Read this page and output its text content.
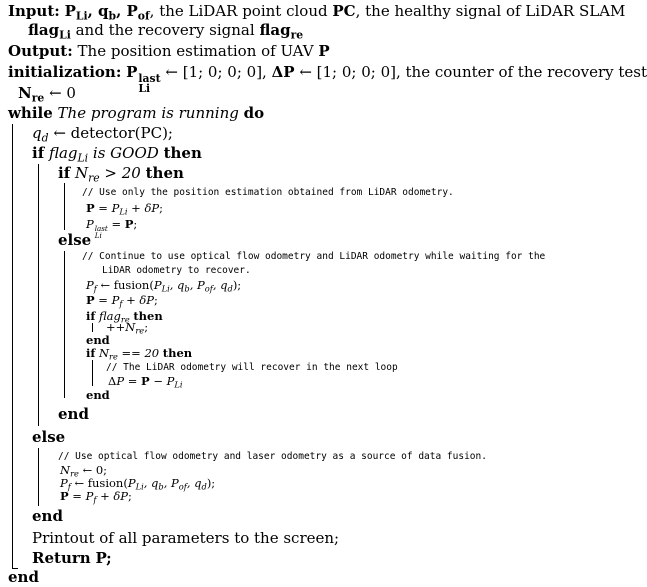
Input: $P_{Li}$, $q_b$, $P_{of}$, the LiDAR point cloud PC, the healthy signal of LiDAR SLAM
flag$_{Li}$ and the recovery signal flag$_{re}$
Output: The position estimation of UAV P
initialization: P last
Li
← [1; 0; 0; 0], ΔP ← [1; 0; 0; 0], the counter of the recovery test
$N_{re}$ ← 0
while The program is running do
$q_d$ ← detector(PC);
if flag$_{Li}$ is GOOD then
if $N_{re} > 20$ then
// Use only the position estimation obtained from LiDAR odometry.
$P = P_{Li} + \delta P$;
P last
Li
= P;
else
// Continue to use optical flow odometry and LiDAR odometry while waiting for the
LiDAR odometry to recover.
$P_f$ ← $fusion(P_{Li}$, $q_b$, $P_{of}$, $q_d$);
$P = P_f + \delta P$;
if flag$_{re}$ then
$++N_{re}$;
end
if $N_{re} == 20$ then
// The LiDAR odometry will recover in the next loop
$\Delta P = P - P_{Li}$
end
end
else
// Use optical flow odometry and laser odometry as a source of data fusion.
$N_{re}$ ← 0;
$P_f$ ← $fusion(P_{Li}$, $q_b$, $P_{of}$, $q_d$);
$P = P_f + \delta P$;
end
Printout of all parameters to the screen;
Return P;
end
